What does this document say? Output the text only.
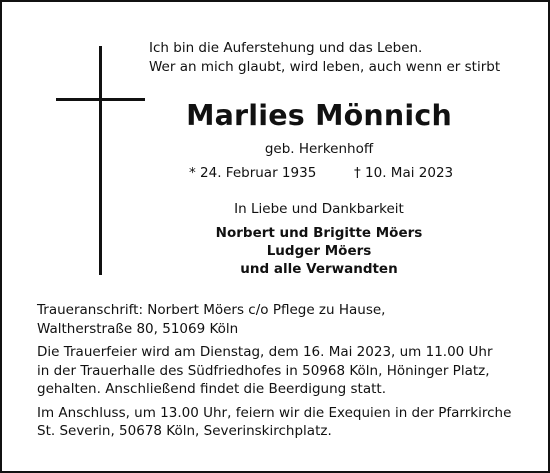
Ich bin die Auferstehung und das Leben.
Wer an mich glaubt, wird leben, auch wenn er stirbt
Marlies Mönnich
geb. Herkenhoff
* 24. Februar 1935	† 10. Mai 2023
In Liebe und Dankbarkeit
Norbert und Brigitte Möers
Ludger Möers
und alle Verwandten
Traueranschrift: Norbert Möers c/o Pflege zu Hause,
Waltherstraße 80, 51069 Köln
Die Trauerfeier wird am Dienstag, dem 16. Mai 2023, um 11.00 Uhr
in der Trauerhalle des Südfriedhofes in 50968 Köln, Höninger Platz,
gehalten. Anschließend findet die Beerdigung statt.
Im Anschluss, um 13.00 Uhr, feiern wir die Exequien in der Pfarrkirche
St. Severin, 50678 Köln, Severinskirchplatz.
